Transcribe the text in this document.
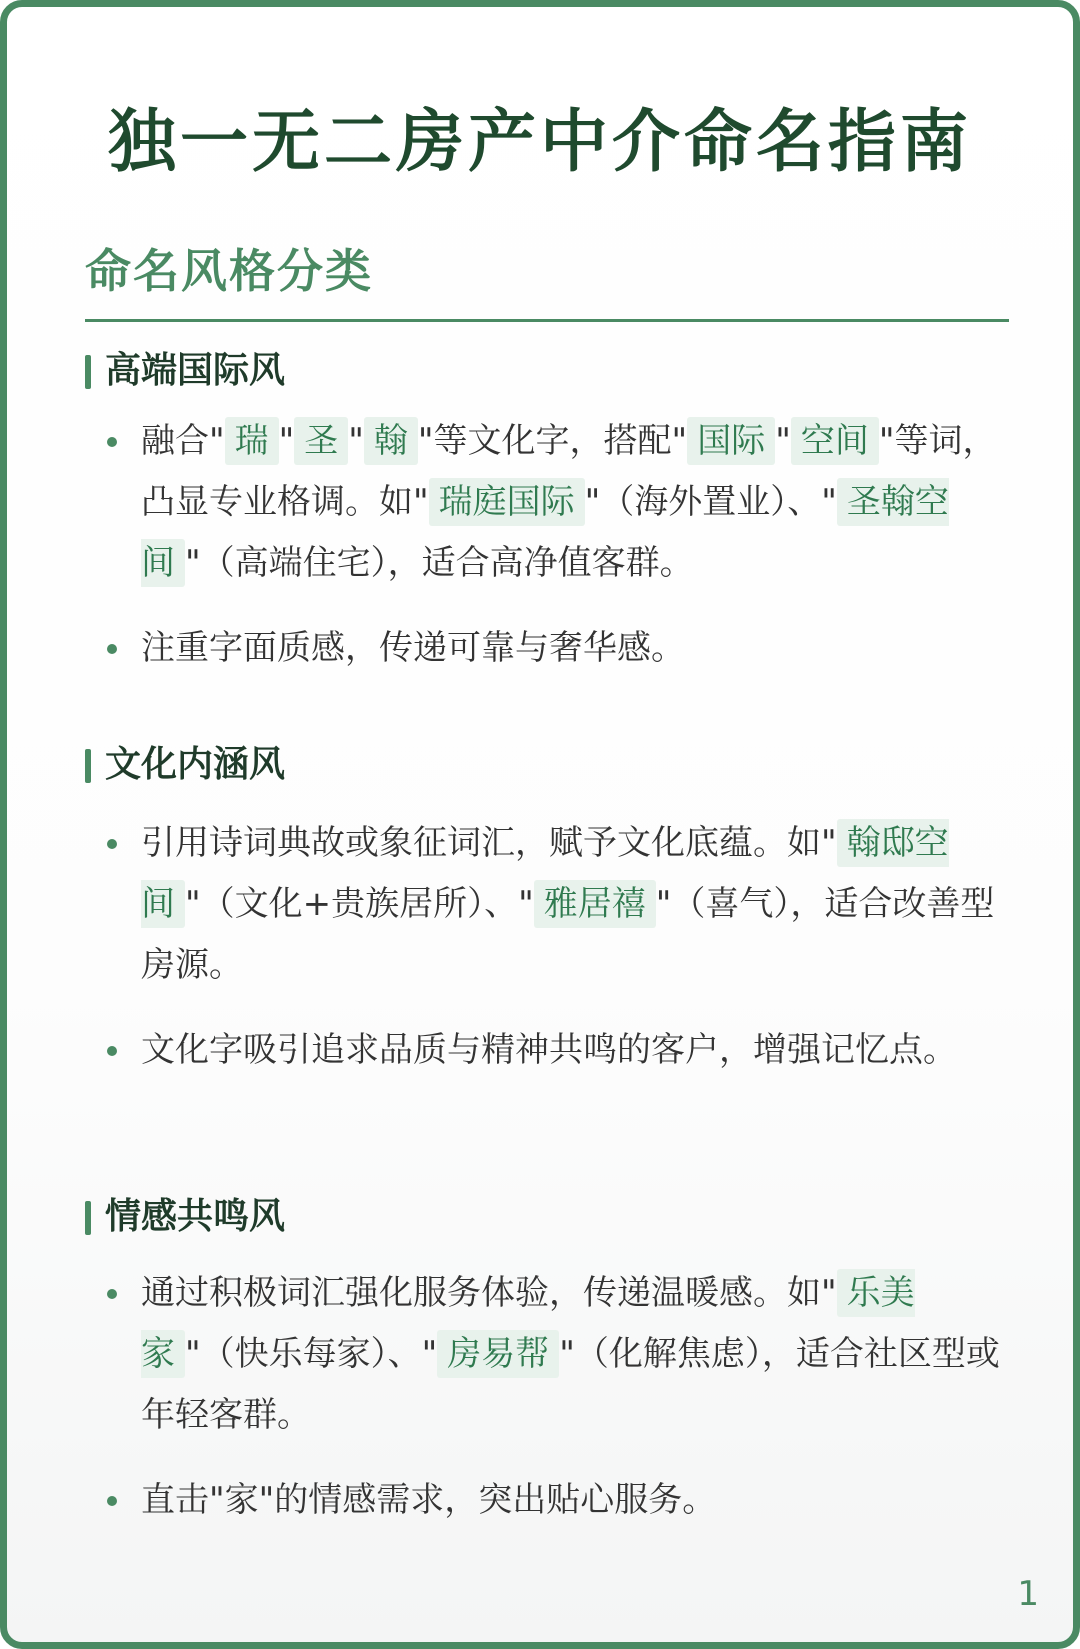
独一无二房产中介命名指南
命名风格分类
高端国际风
融合" 瑞 " 圣 " 翰 "等文化字，搭配" 国际 " 空间 "等词，凸显专业格调。如" 瑞庭国际 "（海外置业）、" 圣翰空间 "（高端住宅），适合高净值客群。
注重字面质感，传递可靠与奢华感。
文化内涵风
引用诗词典故或象征词汇，赋予文化底蕴。如" 翰邸空间 "（文化+贵族居所）、" 雅居禧 "（喜气），适合改善型房源。
文化字吸引追求品质与精神共鸣的客户，增强记忆点。
情感共鸣风
通过积极词汇强化服务体验，传递温暖感。如" 乐美家 "（快乐每家）、" 房易帮 "（化解焦虑），适合社区型或年轻客群。
直击"家"的情感需求，突出贴心服务。
1
